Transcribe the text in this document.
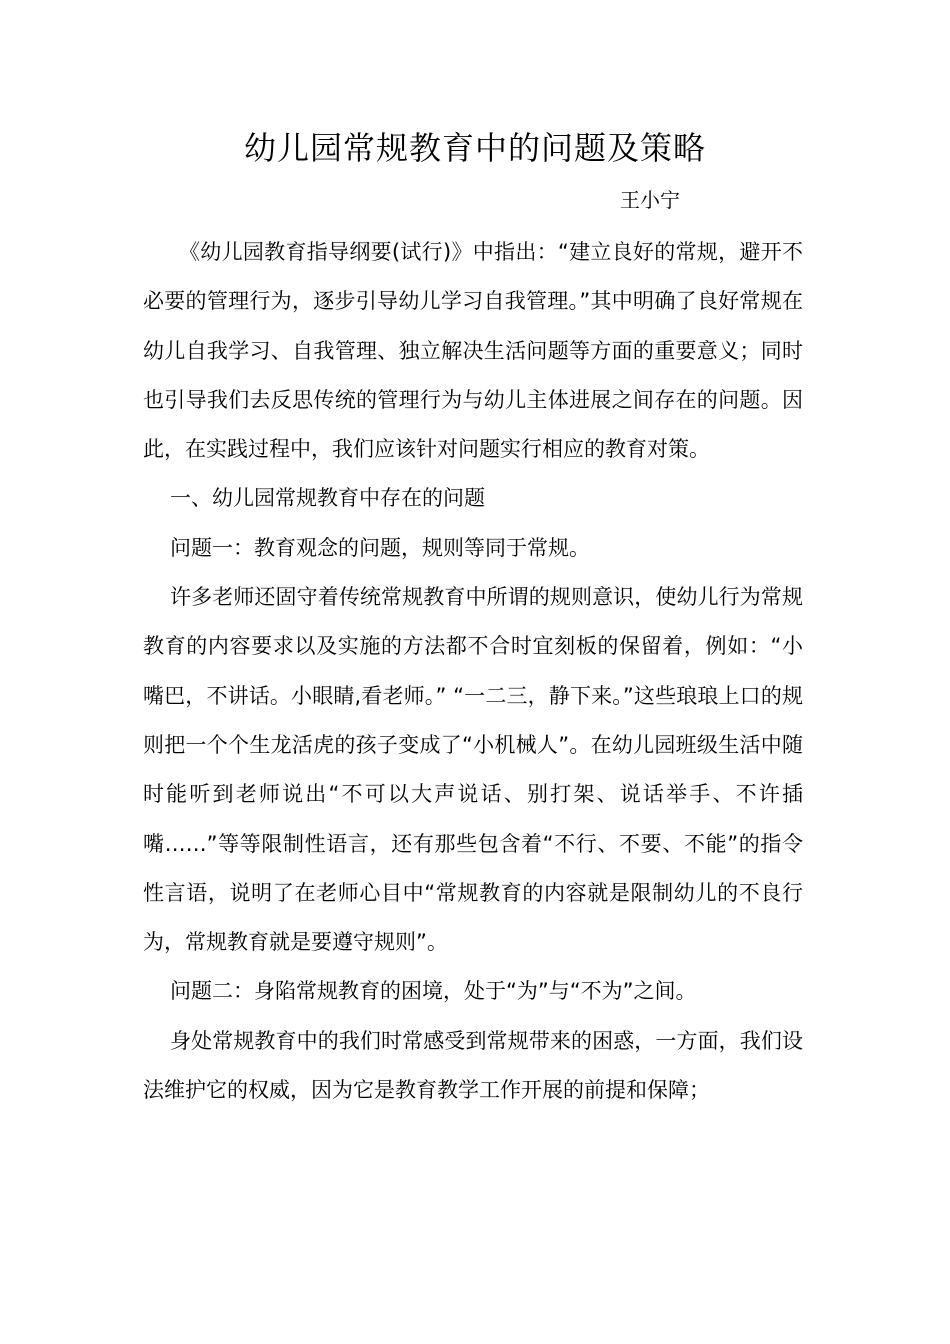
幼儿园常规教育中的问题及策略
王小宁

《幼儿园教育指导纲要(试行)》中指出：“建立良好的常规，避开不必要的管理行为，逐步引导幼儿学习自我管理。”其中明确了良好常规在幼儿自我学习、自我管理、独立解决生活问题等方面的重要意义；同时也引导我们去反思传统的管理行为与幼儿主体进展之间存在的问题。因此，在实践过程中，我们应该针对问题实行相应的教育对策。

一、幼儿园常规教育中存在的问题

问题一：教育观念的问题，规则等同于常规。

许多老师还固守着传统常规教育中所谓的规则意识，使幼儿行为常规教育的内容要求以及实施的方法都不合时宜刻板的保留着，例如：“小嘴巴，不讲话。小眼睛,看老师。” “一二三，静下来。”这些琅琅上口的规则把一个个生龙活虎的孩子变成了“小机械人”。在幼儿园班级生活中随时能听到老师说出“不可以大声说话、别打架、说话举手、不许插嘴……”等等限制性语言，还有那些包含着“不行、不要、不能”的指令性言语，说明了在老师心目中“常规教育的内容就是限制幼儿的不良行为，常规教育就是要遵守规则”。

问题二：身陷常规教育的困境，处于“为”与“不为”之间。

身处常规教育中的我们时常感受到常规带来的困惑，一方面，我们设法维护它的权威，因为它是教育教学工作开展的前提和保障；
